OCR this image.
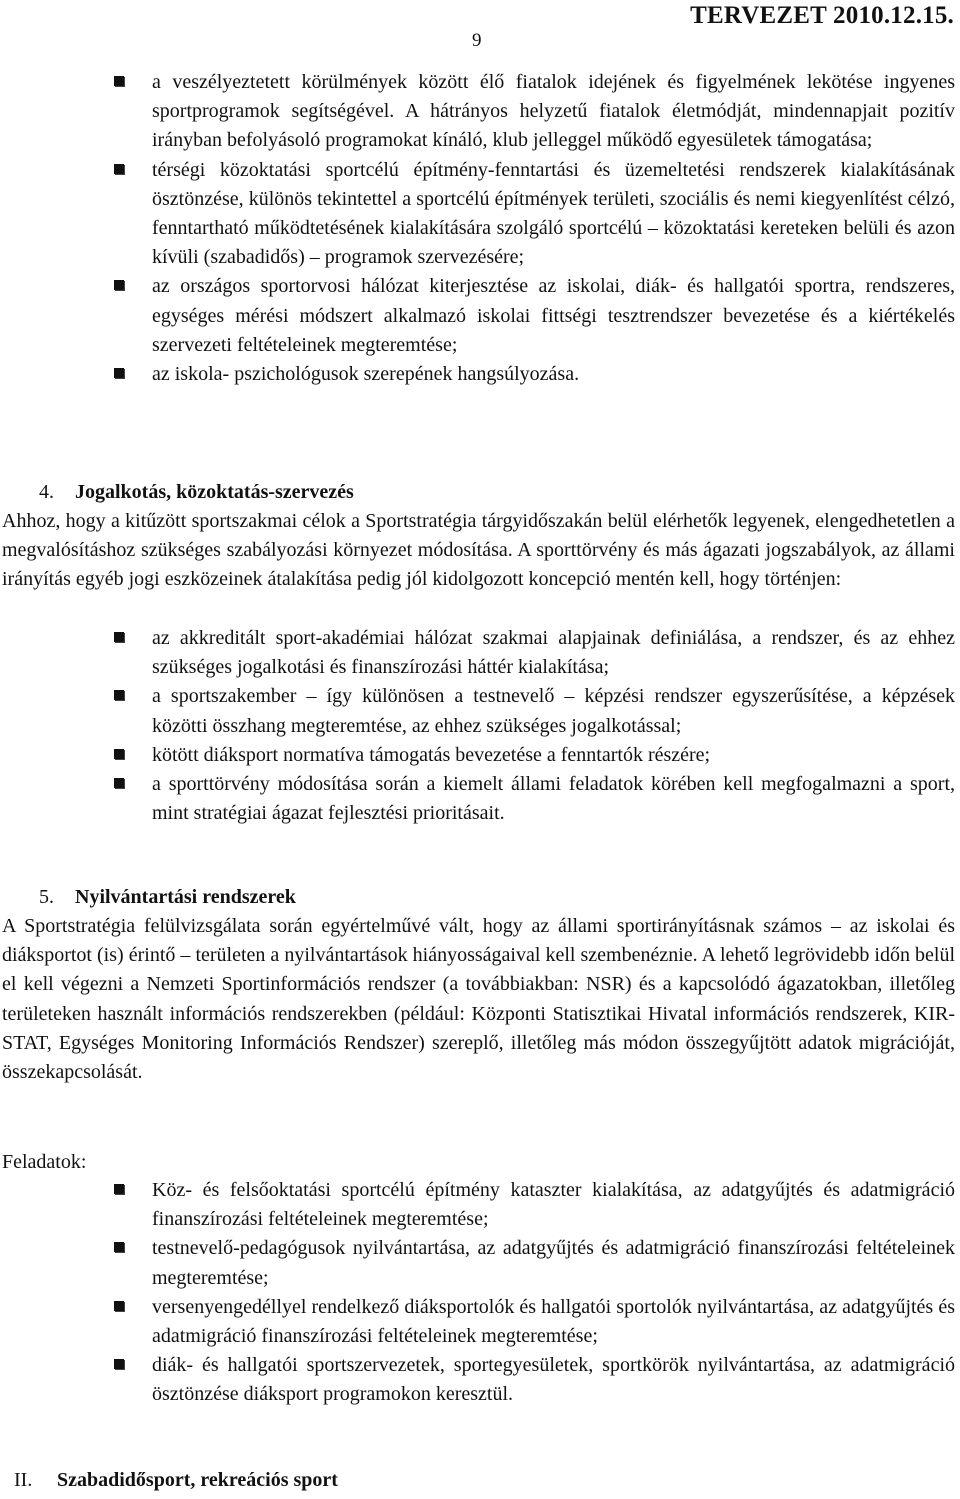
9
TERVEZET 2010.12.15.
a veszélyeztetett körülmények között élő fiatalok idejének és figyelmének lekötése ingyenes sportprogramok segítségével. A hátrányos helyzetű fiatalok életmódját, mindennapjait pozitív irányban befolyásoló programokat kínáló, klub jelleggel működő egyesületek támogatása;
térségi közoktatási sportcélú építmény-fenntartási és üzemeltetési rendszerek kialakításának ösztönzése, különös tekintettel a sportcélú építmények területi, szociális és nemi kiegyenlítést célzó, fenntartható működtetésének kialakítására szolgáló sportcélú – közoktatási kereteken belüli és azon kívüli (szabadidős) – programok szervezésére;
az országos sportorvosi hálózat kiterjesztése az iskolai, diák- és hallgatói sportra, rendszeres, egységes mérési módszert alkalmazó iskolai fittségi tesztrendszer bevezetése és a kiértékelés szervezeti feltételeinek megteremtése;
az iskola- pszichológusok szerepének hangsúlyozása.
4. Jogalkotás, közoktatás-szervezés
Ahhoz, hogy a kitűzött sportszakmai célok a Sportstratégia tárgyidőszakán belül elérhetők legyenek, elengedhetetlen a megvalósításhoz szükséges szabályozási környezet módosítása. A sporttörvény és más ágazati jogszabályok, az állami irányítás egyéb jogi eszközeinek átalakítása pedig jól kidolgozott koncepció mentén kell, hogy történjen:
az akkreditált sport-akadémiai hálózat szakmai alapjainak definiálása, a rendszer, és az ehhez szükséges jogalkotási és finanszírozási háttér kialakítása;
a sportszakember – így különösen a testnevelő – képzési rendszer egyszerűsítése, a képzések közötti összhang megteremtése, az ehhez szükséges jogalkotással;
kötött diáksport normatíva támogatás bevezetése a fenntartók részére;
a sporttörvény módosítása során a kiemelt állami feladatok körében kell megfogalmazni a sport, mint stratégiai ágazat fejlesztési prioritásait.
5. Nyilvántartási rendszerek
A Sportstratégia felülvizsgálata során egyértelművé vált, hogy az állami sportirányításnak számos – az iskolai és diáksportot (is) érintő – területen a nyilvántartások hiányosságaival kell szembenéznie. A lehető legrövidebb időn belül el kell végezni a Nemzeti Sportinformációs rendszer (a továbbiakban: NSR) és a kapcsolódó ágazatokban, illetőleg területeken használt információs rendszerekben (például: Központi Statisztikai Hivatal információs rendszerek, KIR-STAT, Egységes Monitoring Információs Rendszer) szereplő, illetőleg más módon összegyűjtött adatok migrációját, összekapcsolását.
Feladatok:
Köz- és felsőoktatási sportcélú építmény kataszter kialakítása, az adatgyűjtés és adatmigráció finanszírozási feltételeinek megteremtése;
testnevelő-pedagógusok nyilvántartása, az adatgyűjtés és adatmigráció finanszírozási feltételeinek megteremtése;
versenyengedéllyel rendelkező diáksportolók és hallgatói sportolók nyilvántartása, az adatgyűjtés és adatmigráció finanszírozási feltételeinek megteremtése;
diák- és hallgatói sportszervezetek, sportegyesületek, sportkörök nyilvántartása, az adatmigráció ösztönzése diáksport programokon keresztül.
II. Szabadidősport, rekreációs sport
